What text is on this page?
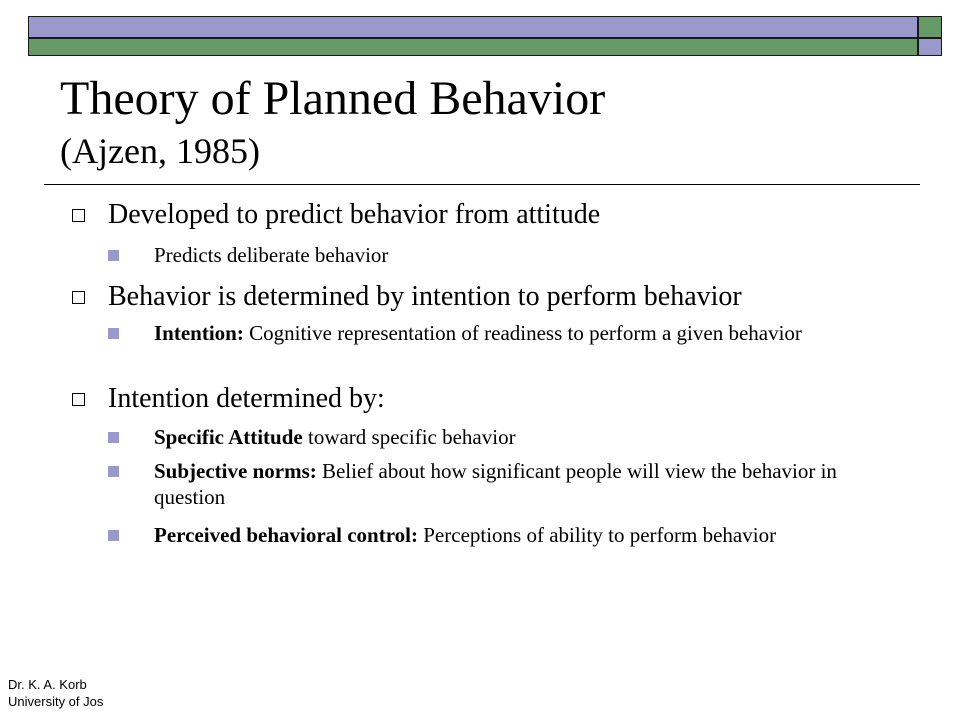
Theory of Planned Behavior
(Ajzen, 1985)
Developed to predict behavior from attitude
Predicts deliberate behavior
Behavior is determined by intention to perform behavior
Intention: Cognitive representation of readiness to perform a given behavior
Intention determined by:
Specific Attitude toward specific behavior
Subjective norms: Belief about how significant people will view the behavior in question
Perceived behavioral control: Perceptions of ability to perform behavior
Dr. K. A. Korb
University of Jos
